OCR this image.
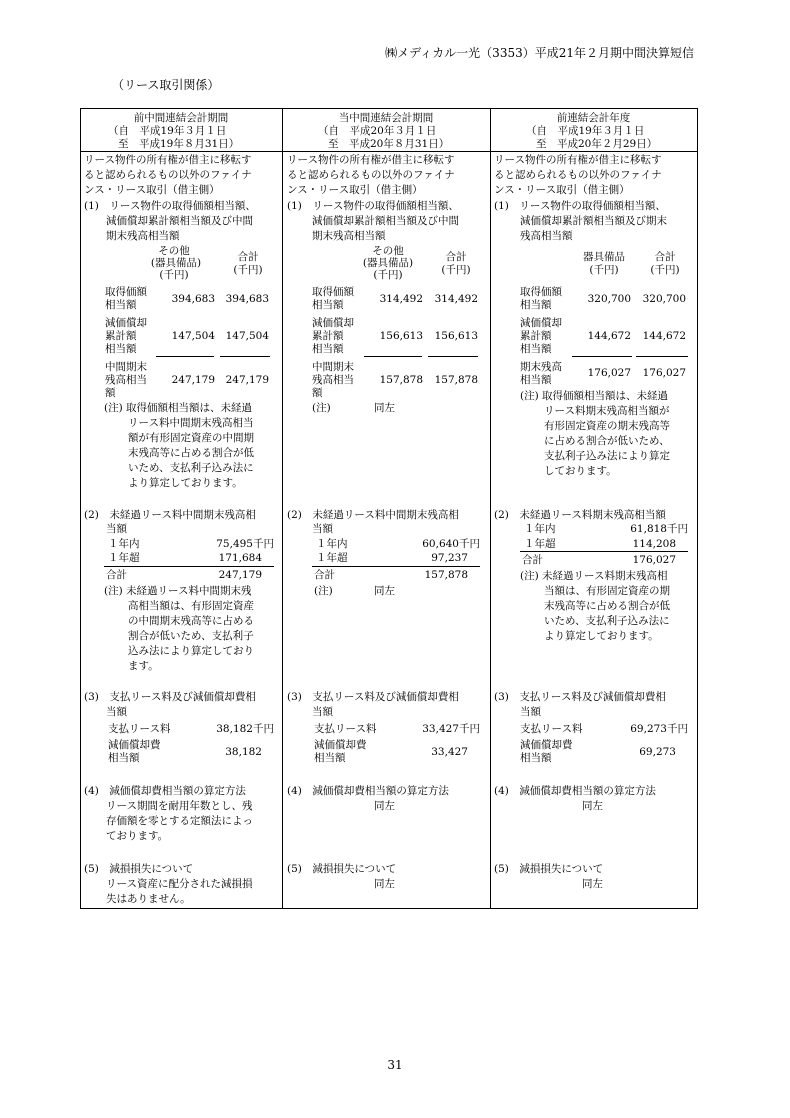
㈱メディカル一光（3353）平成21年２月期中間決算短信
（リース取引関係）
前中間連結会計期間
（自　平成19年３月１日
至　平成19年８月31日）
リース物件の所有権が借主に移転す
ると認められるもの以外のファイナ
ンス・リース取引（借主側）
(1)　リース物件の取得価額相当額、
減価償却累計額相当額及び中間
期末残高相当額
その他
(器具備品)
(千円)
合計
(千円)
取得価額
相当額	394,683	394,683
減価償却
累計額
相当額
147,504	147,504
中間期末
残高相当
額
247,179	247,179
(注) 取得価額相当額は、未経過
リース料中間期末残高相当
額が有形固定資産の中間期
末残高等に占める割合が低
いため、支払利子込み法に
より算定しております。
(2)　未経過リース料中間期末残高相
当額
１年内	75,495千円
１年超	171,684
合計	247,179
(注) 未経過リース料中間期末残
高相当額は、有形固定資産
の中間期末残高等に占める
割合が低いため、支払利子
込み法により算定しており
ます。
(3)　支払リース料及び減価償却費相
当額
支払リース料	38,182千円
減価償却費
相当額	38,182
(4)　減価償却費相当額の算定方法
リース期間を耐用年数とし、残
存価額を零とする定額法によっ
ております。
(5)　減損損失について
リース資産に配分された減損損
失はありません。
当中間連結会計期間
（自　平成20年３月１日
至　平成20年８月31日）
リース物件の所有権が借主に移転す
ると認められるもの以外のファイナ
ンス・リース取引（借主側）
(1)　リース物件の取得価額相当額、
減価償却累計額相当額及び中間
期末残高相当額
その他
(器具備品)
(千円)
合計
(千円)
取得価額
相当額	314,492	314,492
減価償却
累計額
相当額
156,613	156,613
中間期末
残高相当
額
157,878	157,878
(注)	同左
(2)　未経過リース料中間期末残高相
当額
１年内	60,640千円
１年超	97,237
合計	157,878
(注)	同左
(3)　支払リース料及び減価償却費相
当額
支払リース料	33,427千円
減価償却費
相当額	33,427
(4)　減価償却費相当額の算定方法
同左
(5)　減損損失について
同左
前連結会計年度
（自　平成19年３月１日
至　平成20年２月29日）
リース物件の所有権が借主に移転す
ると認められるもの以外のファイナ
ンス・リース取引（借主側）
(1)　リース物件の取得価額相当額、
減価償却累計額相当額及び期末
残高相当額
器具備品
(千円)
合計
(千円)
取得価額
相当額	320,700	320,700
減価償却
累計額
相当額
144,672	144,672
期末残高
相当額
176,027	176,027
(注) 取得価額相当額は、未経過
リース料期末残高相当額が
有形固定資産の期末残高等
に占める割合が低いため、
支払利子込み法により算定
しております。
(2)　未経過リース料期末残高相当額
１年内	61,818千円
１年超	114,208
合計	176,027
(注) 未経過リース料期末残高相
当額は、有形固定資産の期
末残高等に占める割合が低
いため、支払利子込み法に
より算定しております。
(3)　支払リース料及び減価償却費相
当額
支払リース料	69,273千円
減価償却費
相当額	69,273
(4)　減価償却費相当額の算定方法
同左
(5)　減損損失について
同左
31
